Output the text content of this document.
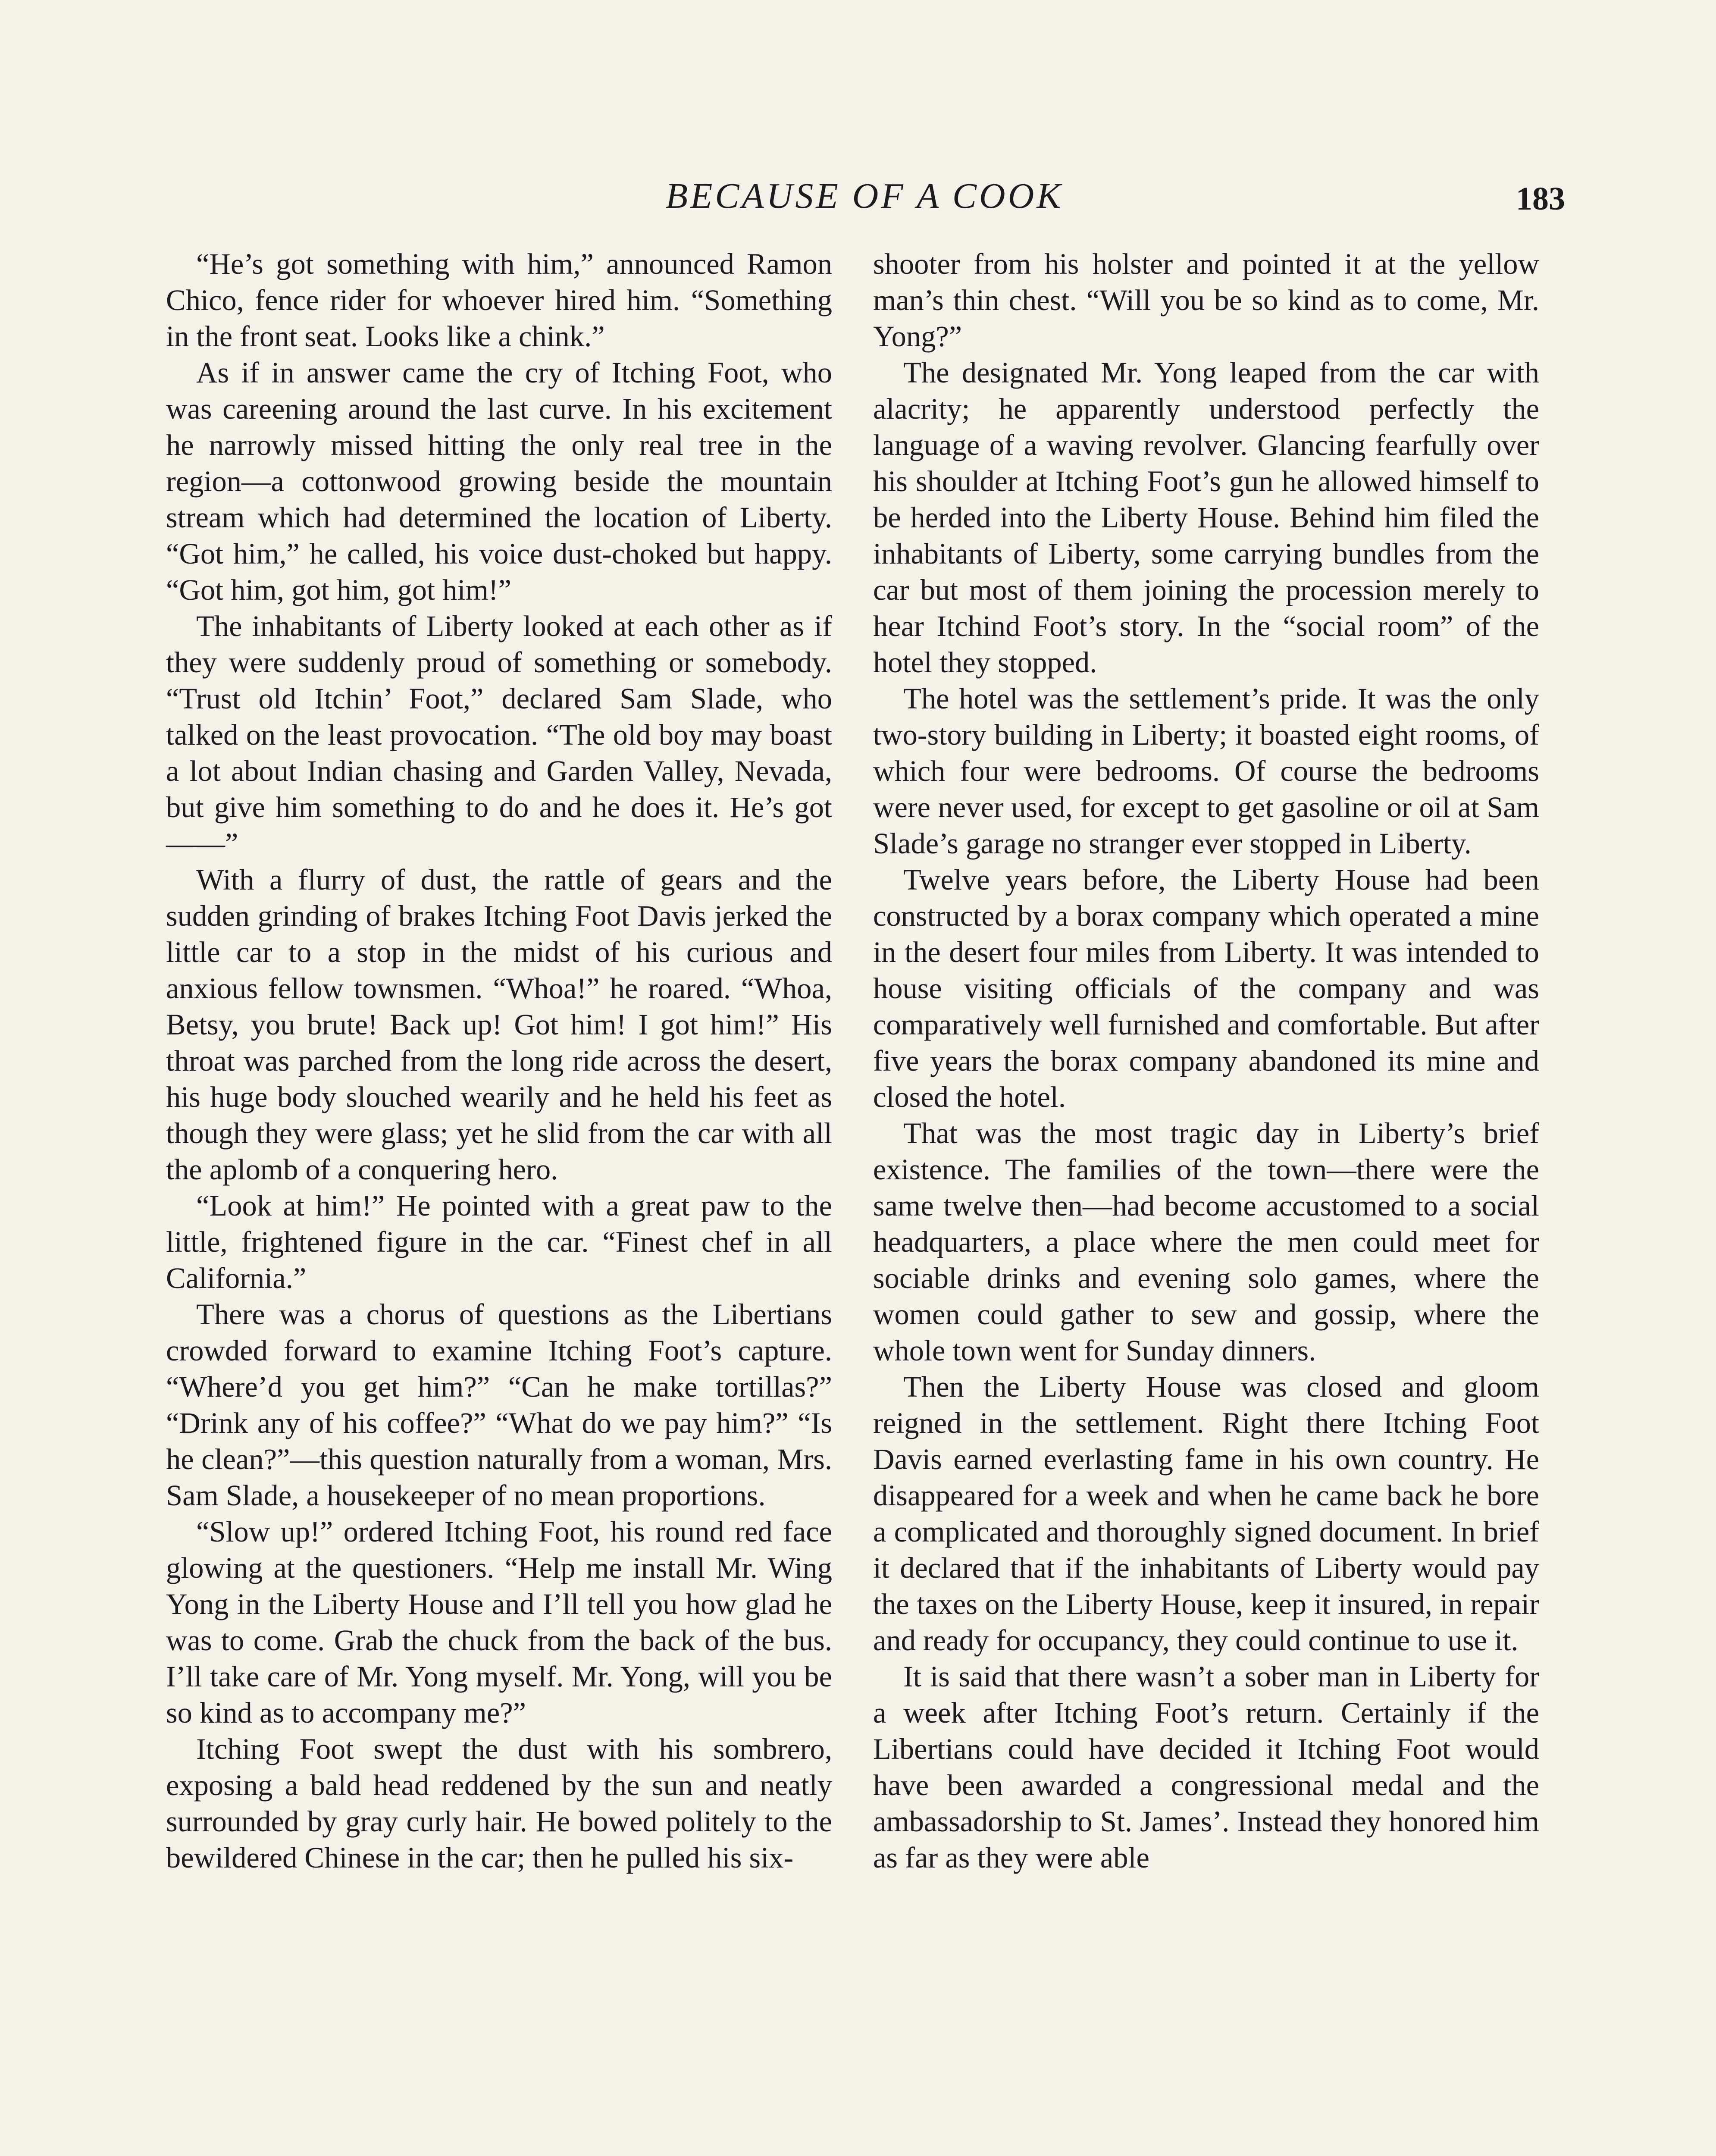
BECAUSE OF A COOK	183

“He’s got something with him,” announced Ramon Chico, fence rider for whoever hired him. “Something in the front seat. Looks like a chink.”

As if in answer came the cry of Itching Foot, who was careening around the last curve. In his excitement he narrowly missed hitting the only real tree in the region—a cottonwood growing beside the mountain stream which had determined the location of Liberty. “Got him,” he called, his voice dust-choked but happy. “Got him, got him, got him!”

The inhabitants of Liberty looked at each other as if they were suddenly proud of something or somebody. “Trust old Itchin’ Foot,” declared Sam Slade, who talked on the least provocation. “The old boy may boast a lot about Indian chasing and Garden Valley, Nevada, but give him something to do and he does it. He’s got——”

With a flurry of dust, the rattle of gears and the sudden grinding of brakes Itching Foot Davis jerked the little car to a stop in the midst of his curious and anxious fellow townsmen. “Whoa!” he roared. “Whoa, Betsy, you brute! Back up! Got him! I got him!” His throat was parched from the long ride across the desert, his huge body slouched wearily and he held his feet as though they were glass; yet he slid from the car with all the aplomb of a conquering hero.

“Look at him!” He pointed with a great paw to the little, frightened figure in the car. “Finest chef in all California.”

There was a chorus of questions as the Libertians crowded forward to examine Itching Foot’s capture. “Where’d you get him?” “Can he make tortillas?” “Drink any of his coffee?” “What do we pay him?” “Is he clean?”—this question naturally from a woman, Mrs. Sam Slade, a housekeeper of no mean proportions.

“Slow up!” ordered Itching Foot, his round red face glowing at the questioners. “Help me install Mr. Wing Yong in the Liberty House and I’ll tell you how glad he was to come. Grab the chuck from the back of the bus. I’ll take care of Mr. Yong myself. Mr. Yong, will you be so kind as to accompany me?”

Itching Foot swept the dust with his sombrero, exposing a bald head reddened by the sun and neatly surrounded by gray curly hair. He bowed politely to the bewildered Chinese in the car; then he pulled his six-

shooter from his holster and pointed it at the yellow man’s thin chest. “Will you be so kind as to come, Mr. Yong?”

The designated Mr. Yong leaped from the car with alacrity; he apparently understood perfectly the language of a waving revolver. Glancing fearfully over his shoulder at Itching Foot’s gun he allowed himself to be herded into the Liberty House. Behind him filed the inhabitants of Liberty, some carrying bundles from the car but most of them joining the procession merely to hear Itchind Foot’s story. In the “social room” of the hotel they stopped.

The hotel was the settlement’s pride. It was the only two-story building in Liberty; it boasted eight rooms, of which four were bedrooms. Of course the bedrooms were never used, for except to get gasoline or oil at Sam Slade’s garage no stranger ever stopped in Liberty.

Twelve years before, the Liberty House had been constructed by a borax company which operated a mine in the desert four miles from Liberty. It was intended to house visiting officials of the company and was comparatively well furnished and comfortable. But after five years the borax company abandoned its mine and closed the hotel.

That was the most tragic day in Liberty’s brief existence. The families of the town—there were the same twelve then—had become accustomed to a social headquarters, a place where the men could meet for sociable drinks and evening solo games, where the women could gather to sew and gossip, where the whole town went for Sunday dinners.

Then the Liberty House was closed and gloom reigned in the settlement. Right there Itching Foot Davis earned everlasting fame in his own country. He disappeared for a week and when he came back he bore a complicated and thoroughly signed document. In brief it declared that if the inhabitants of Liberty would pay the taxes on the Liberty House, keep it insured, in repair and ready for occupancy, they could continue to use it.

It is said that there wasn’t a sober man in Liberty for a week after Itching Foot’s return. Certainly if the Libertians could have decided it Itching Foot would have been awarded a congressional medal and the ambassadorship to St. James’. Instead they honored him as far as they were able
